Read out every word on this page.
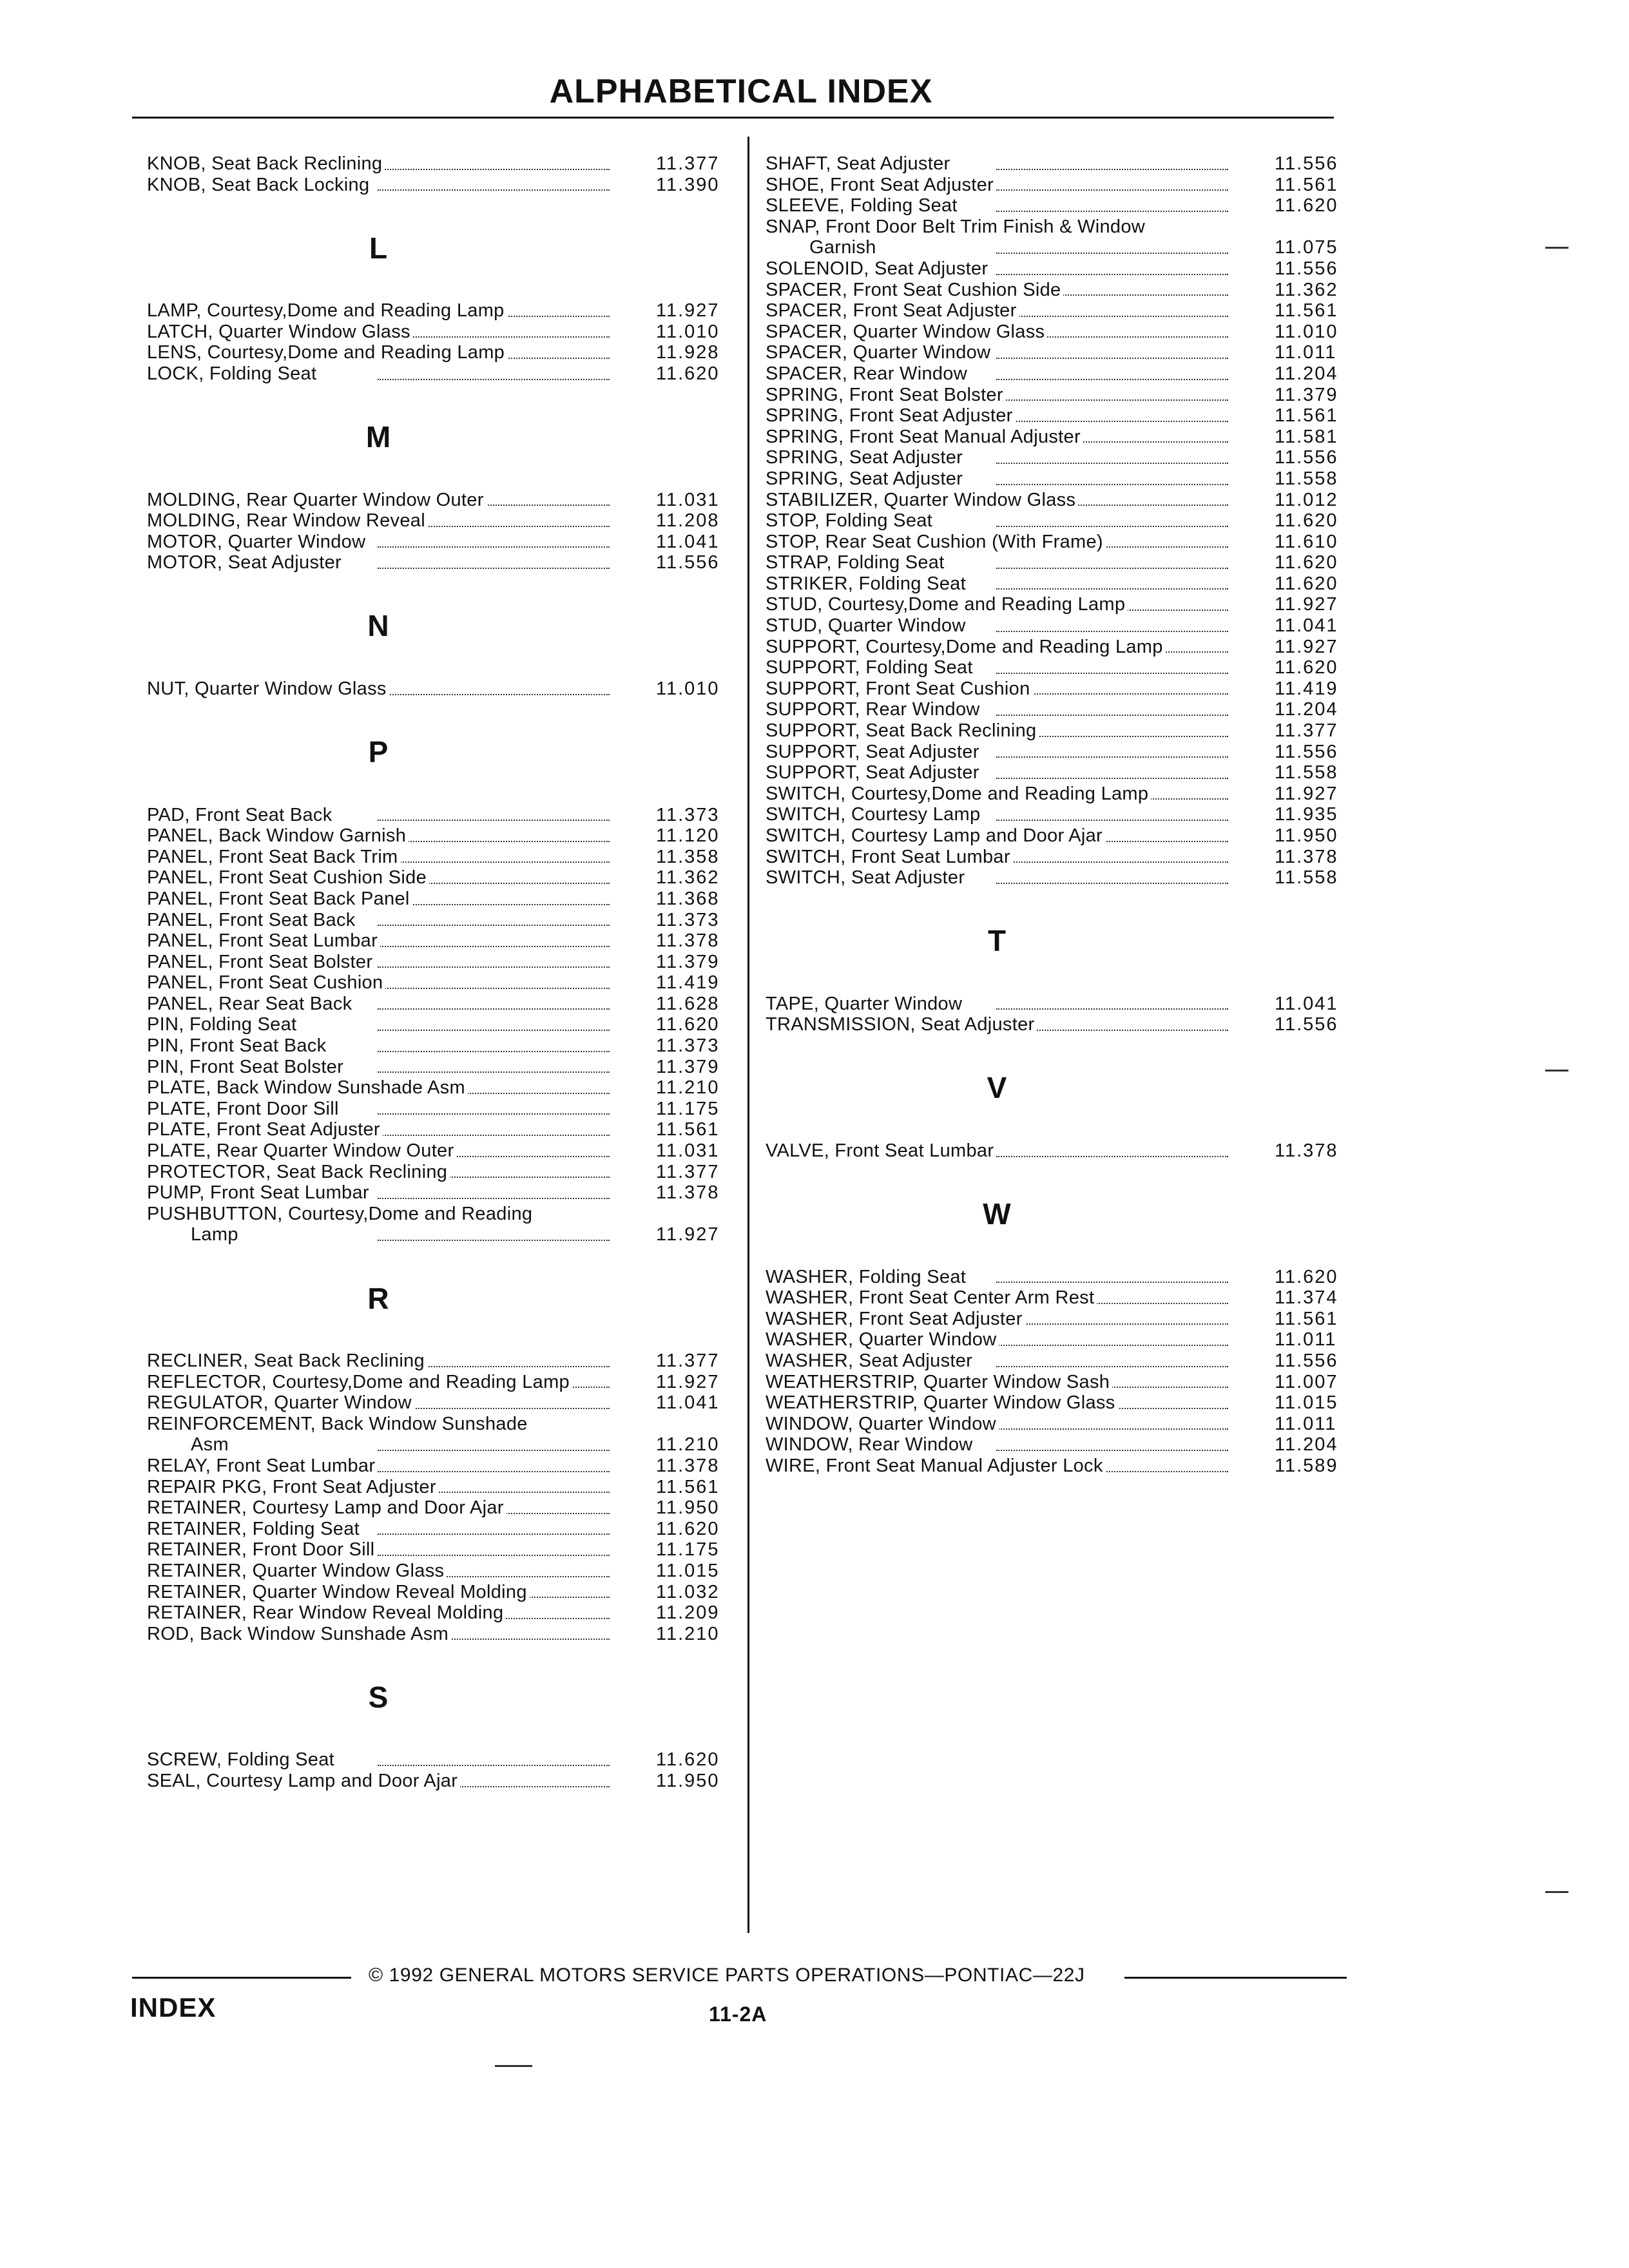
ALPHABETICAL INDEX
KNOB, Seat Back Reclining	11.377
KNOB, Seat Back Locking	11.390
L
LAMP, Courtesy,Dome and Reading Lamp	11.927
LATCH, Quarter Window Glass	11.010
LENS, Courtesy,Dome and Reading Lamp	11.928
LOCK, Folding Seat	11.620
M
MOLDING, Rear Quarter Window Outer	11.031
MOLDING, Rear Window Reveal	11.208
MOTOR, Quarter Window	11.041
MOTOR, Seat Adjuster	11.556
N
NUT, Quarter Window Glass	11.010
P
PAD, Front Seat Back	11.373
PANEL, Back Window Garnish	11.120
PANEL, Front Seat Back Trim	11.358
PANEL, Front Seat Cushion Side	11.362
PANEL, Front Seat Back Panel	11.368
PANEL, Front Seat Back	11.373
PANEL, Front Seat Lumbar	11.378
PANEL, Front Seat Bolster	11.379
PANEL, Front Seat Cushion	11.419
PANEL, Rear Seat Back	11.628
PIN, Folding Seat	11.620
PIN, Front Seat Back	11.373
PIN, Front Seat Bolster	11.379
PLATE, Back Window Sunshade Asm	11.210
PLATE, Front Door Sill	11.175
PLATE, Front Seat Adjuster	11.561
PLATE, Rear Quarter Window Outer	11.031
PROTECTOR, Seat Back Reclining	11.377
PUMP, Front Seat Lumbar	11.378
PUSHBUTTON, Courtesy,Dome and Reading
Lamp	11.927
R
RECLINER, Seat Back Reclining	11.377
REFLECTOR, Courtesy,Dome and Reading Lamp	11.927
REGULATOR, Quarter Window	11.041
REINFORCEMENT, Back Window Sunshade
Asm	11.210
RELAY, Front Seat Lumbar	11.378
REPAIR PKG, Front Seat Adjuster	11.561
RETAINER, Courtesy Lamp and Door Ajar	11.950
RETAINER, Folding Seat	11.620
RETAINER, Front Door Sill	11.175
RETAINER, Quarter Window Glass	11.015
RETAINER, Quarter Window Reveal Molding	11.032
RETAINER, Rear Window Reveal Molding	11.209
ROD, Back Window Sunshade Asm	11.210
S
SCREW, Folding Seat	11.620
SEAL, Courtesy Lamp and Door Ajar	11.950
SHAFT, Seat Adjuster	11.556
SHOE, Front Seat Adjuster	11.561
SLEEVE, Folding Seat	11.620
SNAP, Front Door Belt Trim Finish & Window
Garnish	11.075
SOLENOID, Seat Adjuster	11.556
SPACER, Front Seat Cushion Side	11.362
SPACER, Front Seat Adjuster	11.561
SPACER, Quarter Window Glass	11.010
SPACER, Quarter Window	11.011
SPACER, Rear Window	11.204
SPRING, Front Seat Bolster	11.379
SPRING, Front Seat Adjuster	11.561
SPRING, Front Seat Manual Adjuster	11.581
SPRING, Seat Adjuster	11.556
SPRING, Seat Adjuster	11.558
STABILIZER, Quarter Window Glass	11.012
STOP, Folding Seat	11.620
STOP, Rear Seat Cushion (With Frame)	11.610
STRAP, Folding Seat	11.620
STRIKER, Folding Seat	11.620
STUD, Courtesy,Dome and Reading Lamp	11.927
STUD, Quarter Window	11.041
SUPPORT, Courtesy,Dome and Reading Lamp	11.927
SUPPORT, Folding Seat	11.620
SUPPORT, Front Seat Cushion	11.419
SUPPORT, Rear Window	11.204
SUPPORT, Seat Back Reclining	11.377
SUPPORT, Seat Adjuster	11.556
SUPPORT, Seat Adjuster	11.558
SWITCH, Courtesy,Dome and Reading Lamp	11.927
SWITCH, Courtesy Lamp	11.935
SWITCH, Courtesy Lamp and Door Ajar	11.950
SWITCH, Front Seat Lumbar	11.378
SWITCH, Seat Adjuster	11.558
T
TAPE, Quarter Window	11.041
TRANSMISSION, Seat Adjuster	11.556
V
VALVE, Front Seat Lumbar	11.378
W
WASHER, Folding Seat	11.620
WASHER, Front Seat Center Arm Rest	11.374
WASHER, Front Seat Adjuster	11.561
WASHER, Quarter Window	11.011
WASHER, Seat Adjuster	11.556
WEATHERSTRIP, Quarter Window Sash	11.007
WEATHERSTRIP, Quarter Window Glass	11.015
WINDOW, Quarter Window	11.011
WINDOW, Rear Window	11.204
WIRE, Front Seat Manual Adjuster Lock	11.589
© 1992 GENERAL MOTORS SERVICE PARTS OPERATIONS—PONTIAC—22J
INDEX	11-2A
